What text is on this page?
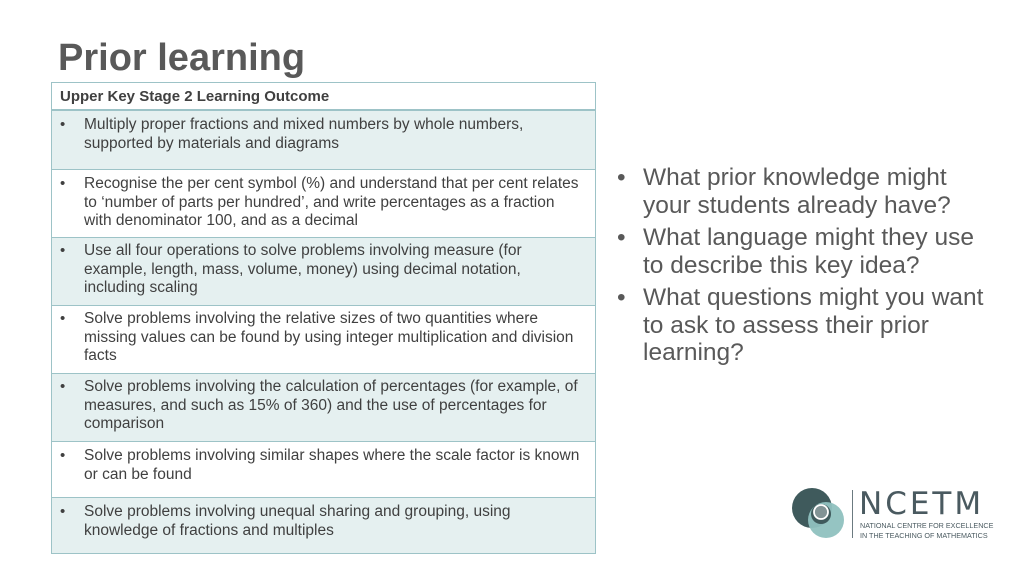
Prior learning
Upper Key Stage 2 Learning Outcome

•	Multiply proper fractions and mixed numbers by whole numbers, supported by materials and diagrams

•	Recognise the per cent symbol (%) and understand that per cent relates to ‘number of parts per hundred’, and write percentages as a fraction with denominator 100, and as a decimal

•	Use all four operations to solve problems involving measure (for example, length, mass, volume, money) using decimal notation, including scaling

•	Solve problems involving the relative sizes of two quantities where missing values can be found by using integer multiplication and division facts

•	Solve problems involving the calculation of percentages (for example, of measures, and such as 15% of 360) and the use of percentages for comparison

•	Solve problems involving similar shapes where the scale factor is known or can be found

•	Solve problems involving unequal sharing and grouping, using knowledge of fractions and multiples
• What prior knowledge might your students already have?
• What language might they use to describe this key idea?
• What questions might you want to ask to assess their prior learning?
NCETM
NATIONAL CENTRE FOR EXCELLENCE
IN THE TEACHING OF MATHEMATICS
